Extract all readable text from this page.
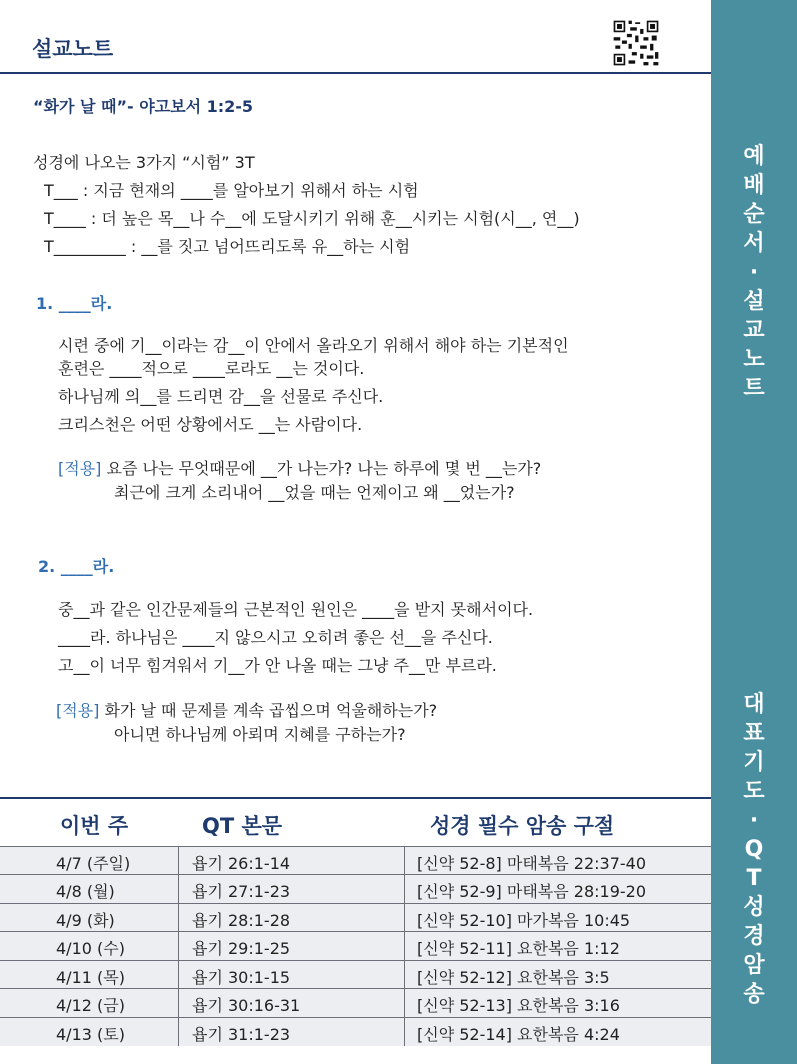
설교노트
“화가 날 때”- 야고보서 1:2-5
성경에 나오는 3가지 “시험” 3T
T___ : 지금 현재의 ____를 알아보기 위해서 하는 시험
T____ : 더 높은 목__나 수__에 도달시키기 위해 훈__시키는 시험(시__, 연__)
T_________ : __를 짓고 넘어뜨리도록 유__하는 시험
1. ____라.
시련 중에 기__이라는 감__이 안에서 올라오기 위해서 해야 하는 기본적인
훈련은 ____적으로 ____로라도 __는 것이다.
하나님께 의__를 드리면 감__을 선물로 주신다.
크리스천은 어떤 상황에서도 __는 사람이다.
[적용] 요즘 나는 무엇때문에 __가 나는가? 나는 하루에 몇 번 __는가?
최근에 크게 소리내어 __었을 때는 언제이고 왜 __었는가?
2. ____라.
중__과 같은 인간문제들의 근본적인 원인은 ____을 받지 못해서이다.
____라. 하나님은 ____지 않으시고 오히려 좋은 선__을 주신다.
고__이 너무 힘겨워서 기__가 안 나올 때는 그냥 주__만 부르라.
[적용] 화가 날 때 문제를 계속 곱씹으며 억울해하는가?
아니면 하나님께 아뢰며 지혜를 구하는가?
이번 주	QT 본문	성경 필수 암송 구절
4/7 (주일)	욥기 26:1-14	[신약 52-8] 마태복음 22:37-40
4/8 (월)	욥기 27:1-23	[신약 52-9] 마태복음 28:19-20
4/9 (화)	욥기 28:1-28	[신약 52-10] 마가복음 10:45
4/10 (수)	욥기 29:1-25	[신약 52-11] 요한복음 1:12
4/11 (목)	욥기 30:1-15	[신약 52-12] 요한복음 3:5
4/12 (금)	욥기 30:16-31	[신약 52-13] 요한복음 3:16
4/13 (토)	욥기 31:1-23	[신약 52-14] 요한복음 4:24
예
배
순
서
·
설
교
노
트
대
표
기
도
·
Q
T
성
경
암
송
